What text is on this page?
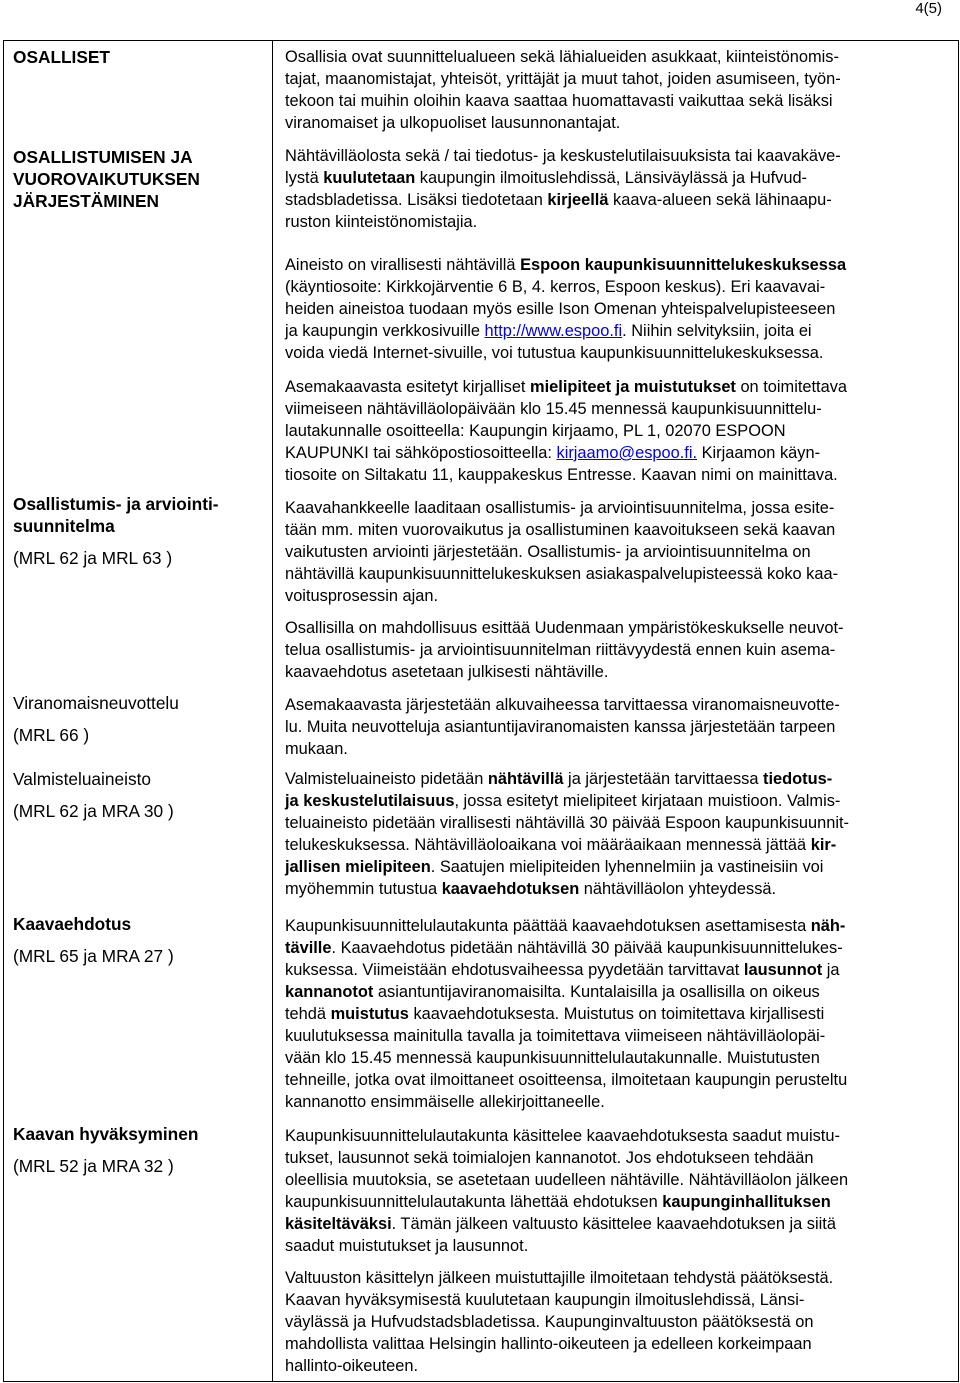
4(5)
OSALLISET
OSALLISTUMISEN JA
VUOROVAIKUTUKSEN
JÄRJESTÄMINEN
Osallistumis- ja arviointi-
suunnitelma
(MRL 62 ja MRL 63 )
Viranomaisneuvottelu
(MRL 66 )
Valmisteluaineisto
(MRL 62 ja MRA 30 )
Kaavaehdotus
(MRL 65 ja MRA 27 )
Kaavan hyväksyminen
(MRL 52 ja MRA 32 )
Osallisia ovat suunnittelualueen sekä lähialueiden asukkaat, kiinteistönomis-
tajat, maanomistajat, yhteisöt, yrittäjät ja muut tahot, joiden asumiseen, työn-
tekoon tai muihin oloihin kaava saattaa huomattavasti vaikuttaa sekä lisäksi
viranomaiset ja ulkopuoliset lausunnonantajat.
Nähtävilläolosta sekä / tai tiedotus- ja keskustelutilaisuuksista tai kaavakäve-
lystä kuulutetaan kaupungin ilmoituslehdissä, Länsiväylässä ja Hufvud-
stadsbladetissa. Lisäksi tiedotetaan kirjeellä kaava-alueen sekä lähinaapu-
ruston kiinteistönomistajia.
Aineisto on virallisesti nähtävillä Espoon kaupunkisuunnittelukeskuksessa
(käyntiosoite: Kirkkojärventie 6 B, 4. kerros, Espoon keskus). Eri kaavavai-
heiden aineistoa tuodaan myös esille Ison Omenan yhteispalvelupisteeseen
ja kaupungin verkkosivuille http://www.espoo.fi. Niihin selvityksiin, joita ei
voida viedä Internet-sivuille, voi tutustua kaupunkisuunnittelukeskuksessa.
Asemakaavasta esitetyt kirjalliset mielipiteet ja muistutukset on toimitettava
viimeiseen nähtävilläolopäivään klo 15.45 mennessä kaupunkisuunnittelu-
lautakunnalle osoitteella: Kaupungin kirjaamo, PL 1, 02070 ESPOON
KAUPUNKI tai sähköpostiosoitteella: kirjaamo@espoo.fi. Kirjaamon käyn-
tiosoite on Siltakatu 11, kauppakeskus Entresse. Kaavan nimi on mainittava.
Kaavahankkeelle laaditaan osallistumis- ja arviointisuunnitelma, jossa esite-
tään mm. miten vuorovaikutus ja osallistuminen kaavoitukseen sekä kaavan
vaikutusten arviointi järjestetään. Osallistumis- ja arviointisuunnitelma on
nähtävillä kaupunkisuunnittelukeskuksen asiakaspalvelupisteessä koko kaa-
voitusprosessin ajan.
Osallisilla on mahdollisuus esittää Uudenmaan ympäristökeskukselle neuvot-
telua osallistumis- ja arviointisuunnitelman riittävyydestä ennen kuin asema-
kaavaehdotus asetetaan julkisesti nähtäville.
Asemakaavasta järjestetään alkuvaiheessa tarvittaessa viranomaisneuvotte-
lu. Muita neuvotteluja asiantuntijaviranomaisten kanssa järjestetään tarpeen
mukaan.
Valmisteluaineisto pidetään nähtävillä ja järjestetään tarvittaessa tiedotus-
ja keskustelutilaisuus, jossa esitetyt mielipiteet kirjataan muistioon. Valmis-
teluaineisto pidetään virallisesti nähtävillä 30 päivää Espoon kaupunkisuunnit-
telukeskuksessa. Nähtävilläoloaikana voi määräaikaan mennessä jättää kir-
jallisen mielipiteen. Saatujen mielipiteiden lyhennelmiin ja vastineisiin voi
myöhemmin tutustua kaavaehdotuksen nähtävilläolon yhteydessä.
Kaupunkisuunnittelulautakunta päättää kaavaehdotuksen asettamisesta näh-
täville. Kaavaehdotus pidetään nähtävillä 30 päivää kaupunkisuunnittelukes-
kuksessa. Viimeistään ehdotusvaiheessa pyydetään tarvittavat lausunnot ja
kannanotot asiantuntijaviranomaisilta. Kuntalaisilla ja osallisilla on oikeus
tehdä muistutus kaavaehdotuksesta. Muistutus on toimitettava kirjallisesti
kuulutuksessa mainitulla tavalla ja toimitettava viimeiseen nähtävilläolopäi-
vään klo 15.45 mennessä kaupunkisuunnittelulautakunnalle. Muistutusten
tehneille, jotka ovat ilmoittaneet osoitteensa, ilmoitetaan kaupungin perusteltu
kannanotto ensimmäiselle allekirjoittaneelle.
Kaupunkisuunnittelulautakunta käsittelee kaavaehdotuksesta saadut muistu-
tukset, lausunnot sekä toimialojen kannanotot. Jos ehdotukseen tehdään
oleellisia muutoksia, se asetetaan uudelleen nähtäville. Nähtävilläolon jälkeen
kaupunkisuunnittelulautakunta lähettää ehdotuksen kaupunginhallituksen
käsiteltäväksi. Tämän jälkeen valtuusto käsittelee kaavaehdotuksen ja siitä
saadut muistutukset ja lausunnot.
Valtuuston käsittelyn jälkeen muistuttajille ilmoitetaan tehdystä päätöksestä.
Kaavan hyväksymisestä kuulutetaan kaupungin ilmoituslehdissä, Länsi-
väylässä ja Hufvudstadsbladetissa. Kaupunginvaltuuston päätöksestä on
mahdollista valittaa Helsingin hallinto-oikeuteen ja edelleen korkeimpaan
hallinto-oikeuteen.
